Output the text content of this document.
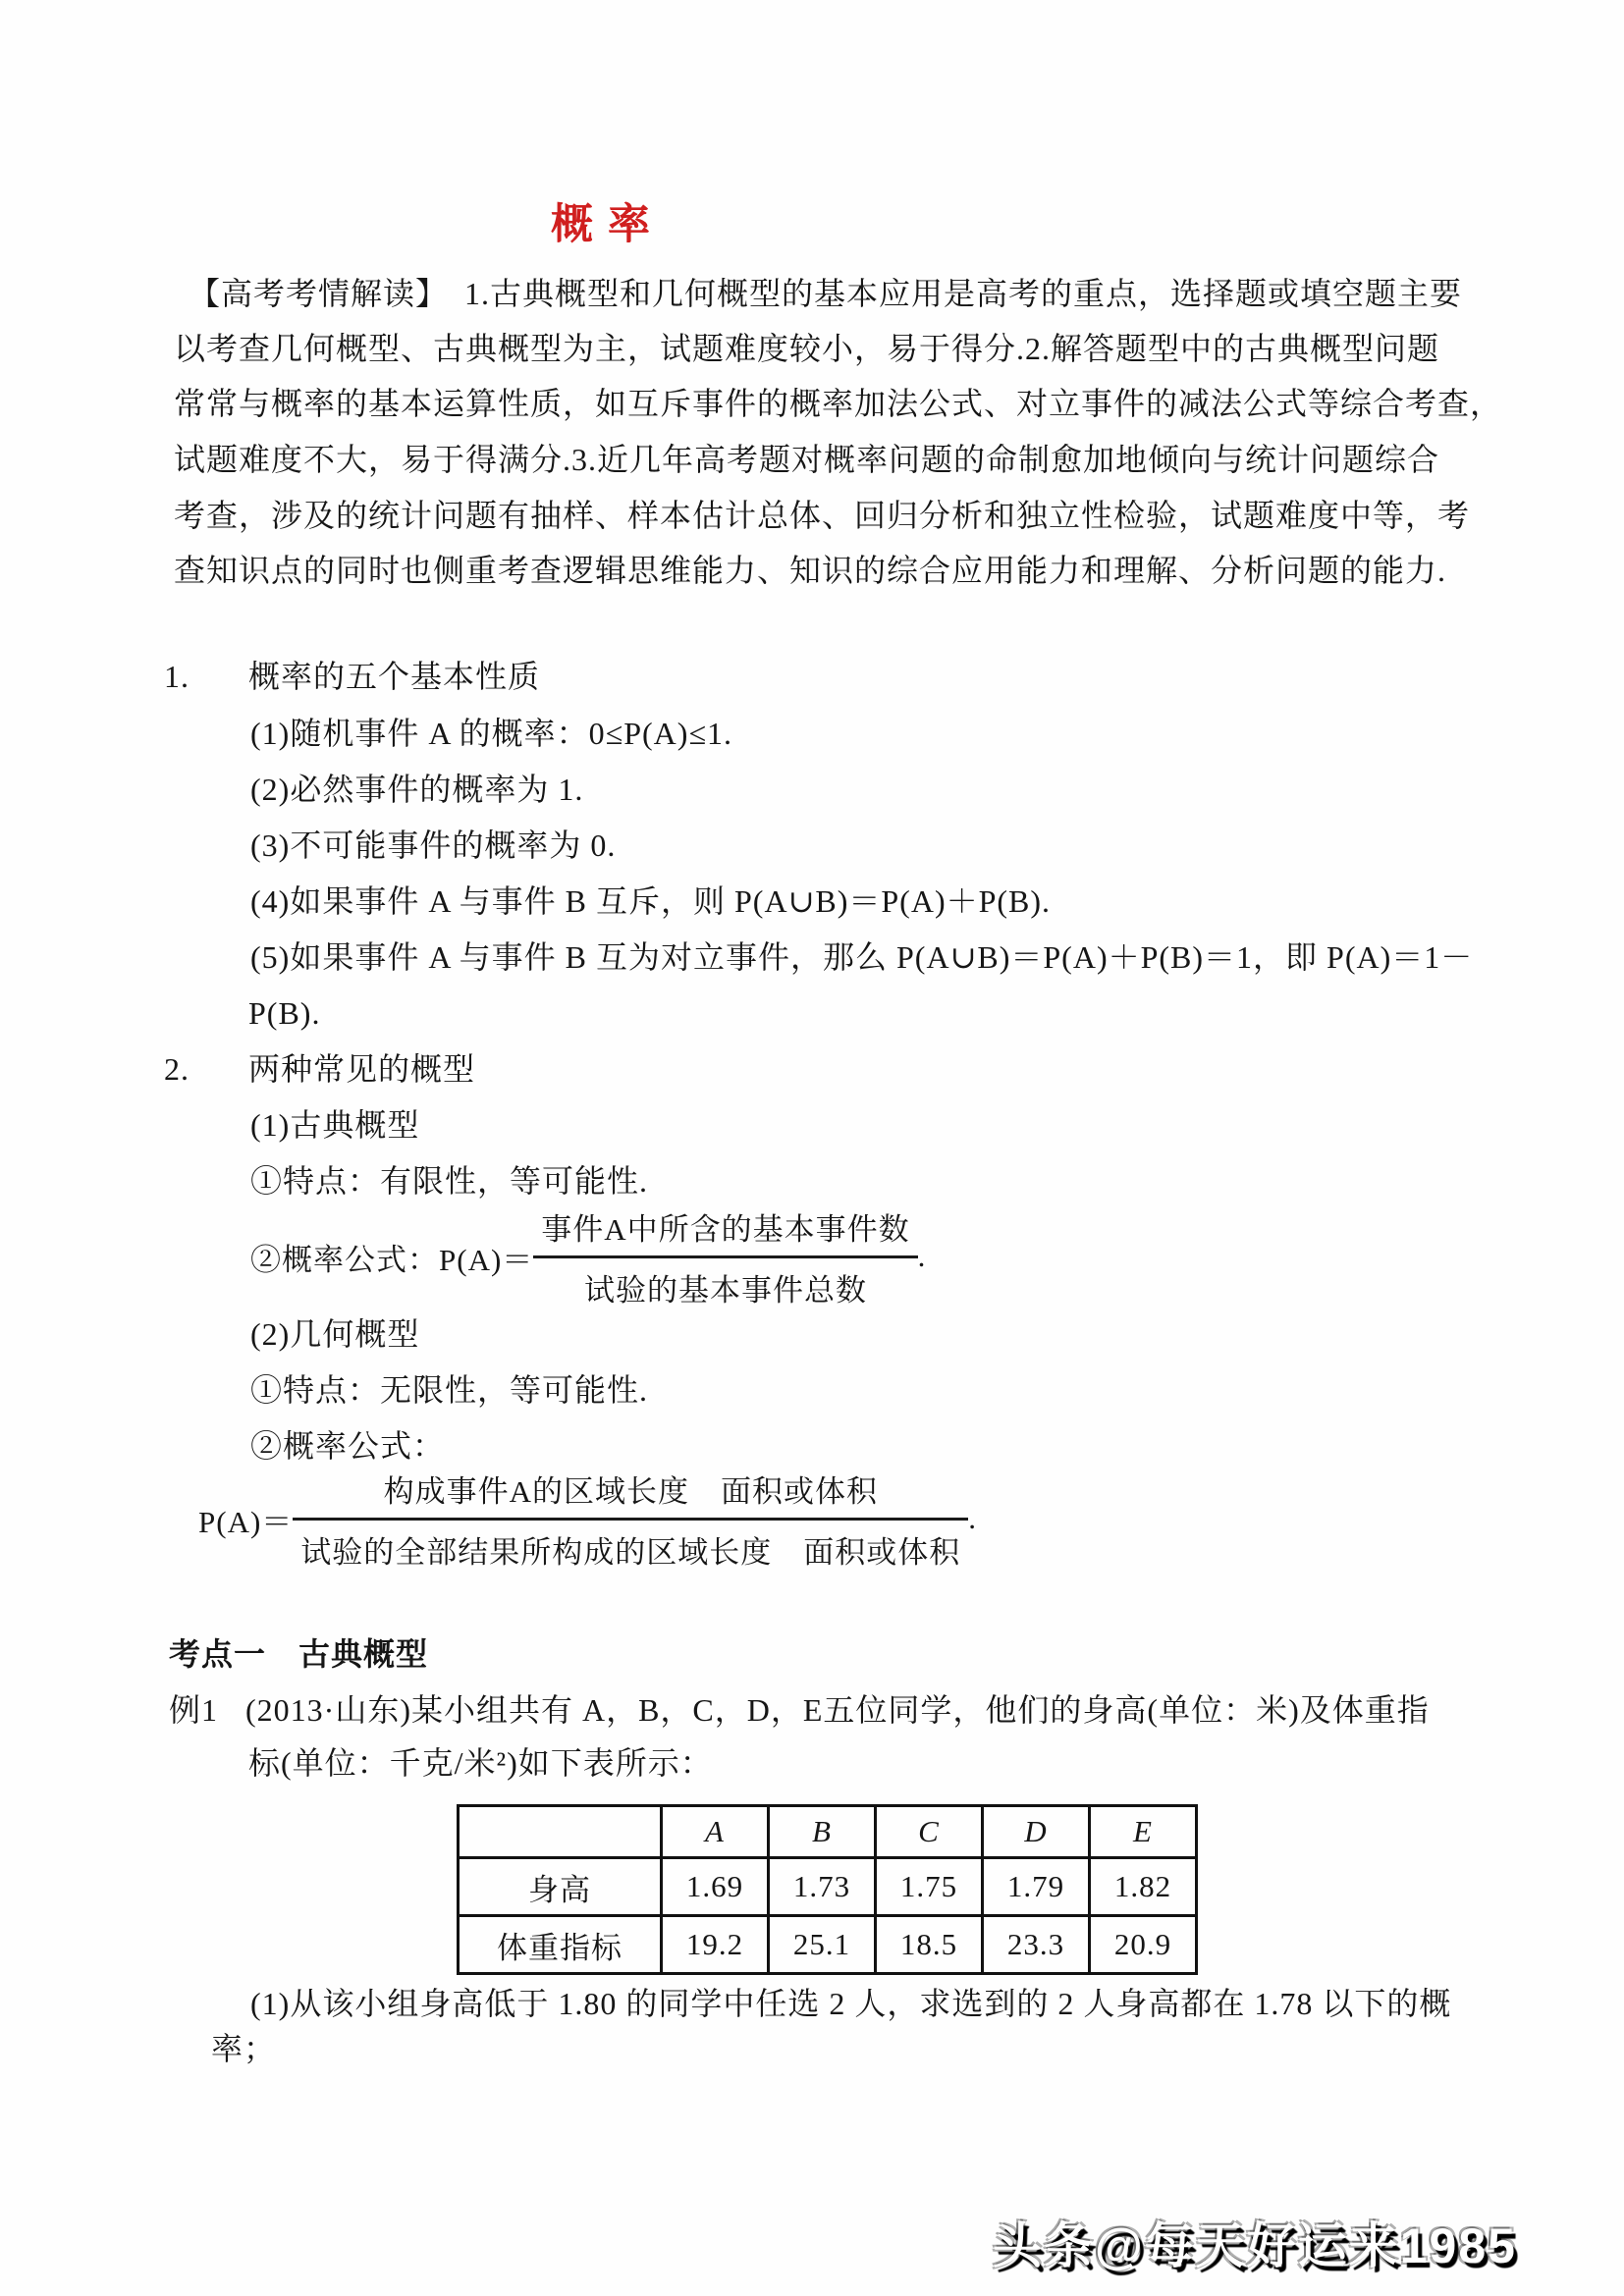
概率
【高考考情解读】　1.古典概型和几何概型的基本应用是高考的重点，选择题或填空题主要
以考查几何概型、古典概型为主，试题难度较小，易于得分.2.解答题型中的古典概型问题
常常与概率的基本运算性质，如互斥事件的概率加法公式、对立事件的减法公式等综合考查，
试题难度不大，易于得满分.3.近几年高考题对概率问题的命制愈加地倾向与统计问题综合
考查，涉及的统计问题有抽样、样本估计总体、回归分析和独立性检验，试题难度中等，考
查知识点的同时也侧重考查逻辑思维能力、知识的综合应用能力和理解、分析问题的能力.
1. 概率的五个基本性质
(1)随机事件 A 的概率：0≤P(A)≤1.
(2)必然事件的概率为 1.
(3)不可能事件的概率为 0.
(4)如果事件 A 与事件 B 互斥，则 P(A∪B)＝P(A)＋P(B).
(5)如果事件 A 与事件 B 互为对立事件，那么 P(A∪B)＝P(A)＋P(B)＝1，即 P(A)＝1－
P(B).
2. 两种常见的概型
(1)古典概型
①特点：有限性，等可能性.
②概率公式： $P(A)= \frac{\text{事件A中所含的基本事件数}}{\text{试验的基本事件总数}}$ .
(2)几何概型
①特点：无限性，等可能性.
②概率公式：
$P(A)= \frac{\text{构成事件A的区域长度　面积或体积}}{\text{试验的全部结果所构成的区域长度　面积或体积}}$ .
考点一　古典概型
例1 (2013·山东)某小组共有 A，B，C，D，E五位同学，他们的身高(单位：米)及体重指
标(单位：千克/米²)如下表所示：
	A	B	C	D	E
身高	1.69	1.73	1.75	1.79	1.82
体重指标	19.2	25.1	18.5	23.3	20.9
(1)从该小组身高低于 1.80 的同学中任选 2 人，求选到的 2 人身高都在 1.78 以下的概
率；
头条@每天好运来1985
